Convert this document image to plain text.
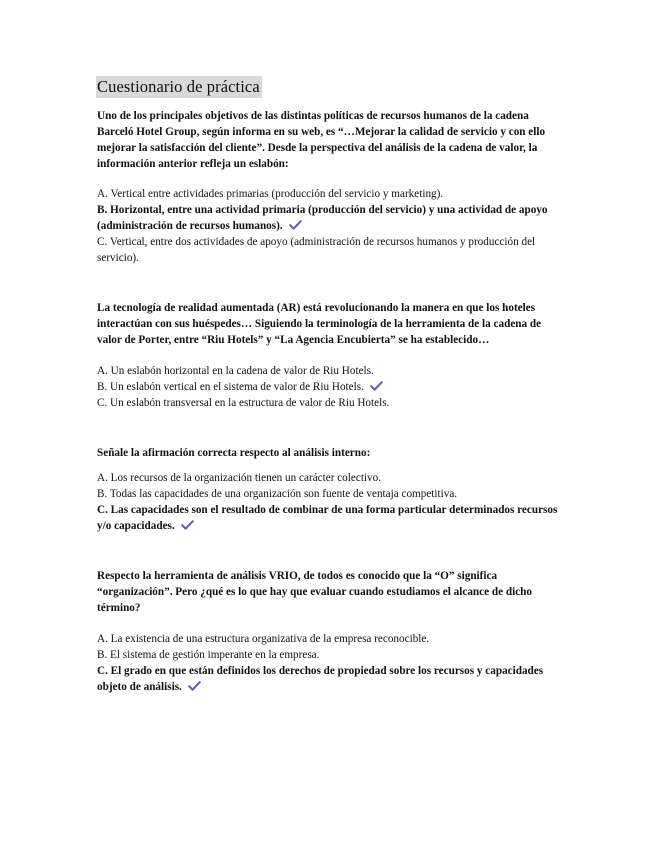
Cuestionario de práctica

Uno de los principales objetivos de las distintas políticas de recursos humanos de la cadena Barceló Hotel Group, según informa en su web, es “…Mejorar la calidad de servicio y con ello mejorar la satisfacción del cliente”. Desde la perspectiva del análisis de la cadena de valor, la información anterior refleja un eslabón:

A. Vertical entre actividades primarias (producción del servicio y marketing).
B. Horizontal, entre una actividad primaria (producción del servicio) y una actividad de apoyo (administración de recursos humanos).
C. Vertical, entre dos actividades de apoyo (administración de recursos humanos y producción del servicio).

La tecnología de realidad aumentada (AR) está revolucionando la manera en que los hoteles interactúan con sus huéspedes… Siguiendo la terminología de la herramienta de la cadena de valor de Porter, entre “Riu Hotels” y “La Agencia Encubierta” se ha establecido…

A. Un eslabón horizontal en la cadena de valor de Riu Hotels.
B. Un eslabón vertical en el sistema de valor de Riu Hotels.
C. Un eslabón transversal en la estructura de valor de Riu Hotels.

Señale la afirmación correcta respecto al análisis interno:

A. Los recursos de la organización tienen un carácter colectivo.
B. Todas las capacidades de una organización son fuente de ventaja competitiva.
C. Las capacidades son el resultado de combinar de una forma particular determinados recursos y/o capacidades.

Respecto la herramienta de análisis VRIO, de todos es conocido que la “O” significa “organización”. Pero ¿qué es lo que hay que evaluar cuando estudiamos el alcance de dicho término?

A. La existencia de una estructura organizativa de la empresa reconocible.
B. El sistema de gestión imperante en la empresa.
C. El grado en que están definidos los derechos de propiedad sobre los recursos y capacidades objeto de análisis.
